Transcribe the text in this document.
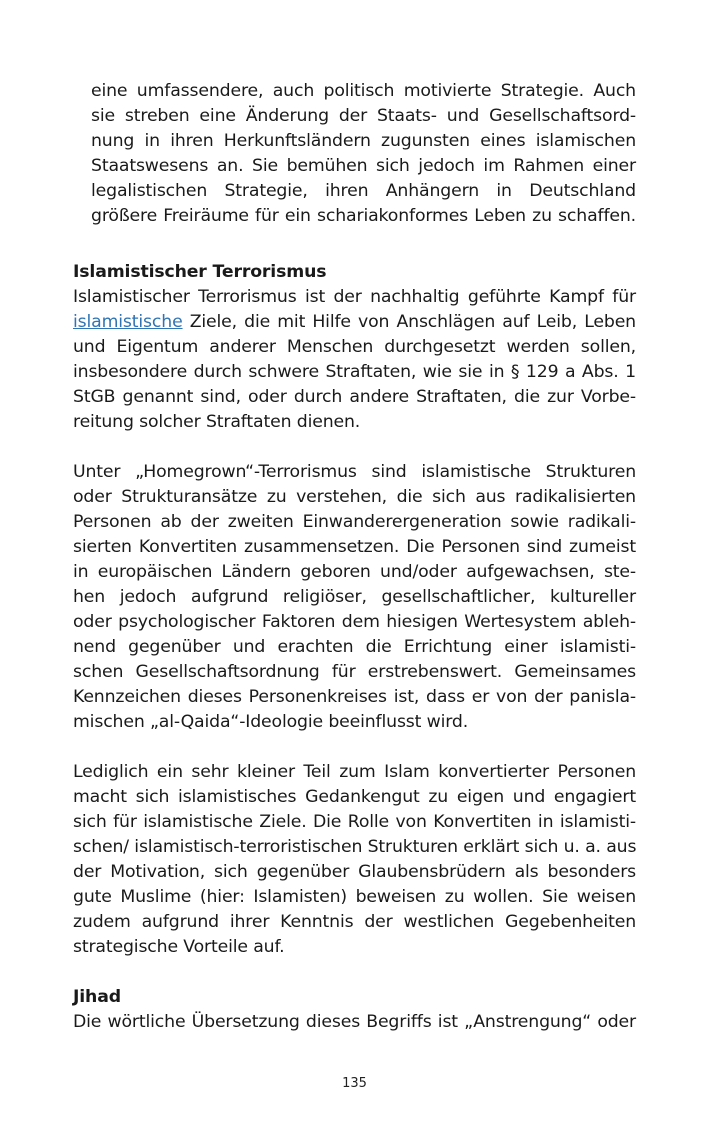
eine umfassendere, auch politisch motivierte Strategie. Auch
sie streben eine Änderung der Staats- und Gesellschaftsord-
nung in ihren Herkunftsländern zugunsten eines islamischen
Staatswesens an. Sie bemühen sich jedoch im Rahmen einer
legalistischen Strategie, ihren Anhängern in Deutschland
größere Freiräume für ein schariakonformes Leben zu schaffen.
Islamistischer Terrorismus
Islamistischer Terrorismus ist der nachhaltig geführte Kampf für
islamistische Ziele, die mit Hilfe von Anschlägen auf Leib, Leben
und Eigentum anderer Menschen durchgesetzt werden sollen,
insbesondere durch schwere Straftaten, wie sie in § 129 a Abs. 1
StGB genannt sind, oder durch andere Straftaten, die zur Vorbe-
reitung solcher Straftaten dienen.
Unter „Homegrown“-Terrorismus sind islamistische Strukturen
oder Strukturansätze zu verstehen, die sich aus radikalisierten
Personen ab der zweiten Einwanderergeneration sowie radikali-
sierten Konvertiten zusammensetzen. Die Personen sind zumeist
in europäischen Ländern geboren und/oder aufgewachsen, ste-
hen jedoch aufgrund religiöser, gesellschaftlicher, kultureller
oder psychologischer Faktoren dem hiesigen Wertesystem ableh-
nend gegenüber und erachten die Errichtung einer islamisti-
schen Gesellschaftsordnung für erstrebenswert. Gemeinsames
Kennzeichen dieses Personenkreises ist, dass er von der panisla-
mischen „al-Qaida“-Ideologie beeinflusst wird.
Lediglich ein sehr kleiner Teil zum Islam konvertierter Personen
macht sich islamistisches Gedankengut zu eigen und engagiert
sich für islamistische Ziele. Die Rolle von Konvertiten in islamisti-
schen/ islamistisch-terroristischen Strukturen erklärt sich u. a. aus
der Motivation, sich gegenüber Glaubensbrüdern als besonders
gute Muslime (hier: Islamisten) beweisen zu wollen. Sie weisen
zudem aufgrund ihrer Kenntnis der westlichen Gegebenheiten
strategische Vorteile auf.
Jihad
Die wörtliche Übersetzung dieses Begriffs ist „Anstrengung“ oder
135
